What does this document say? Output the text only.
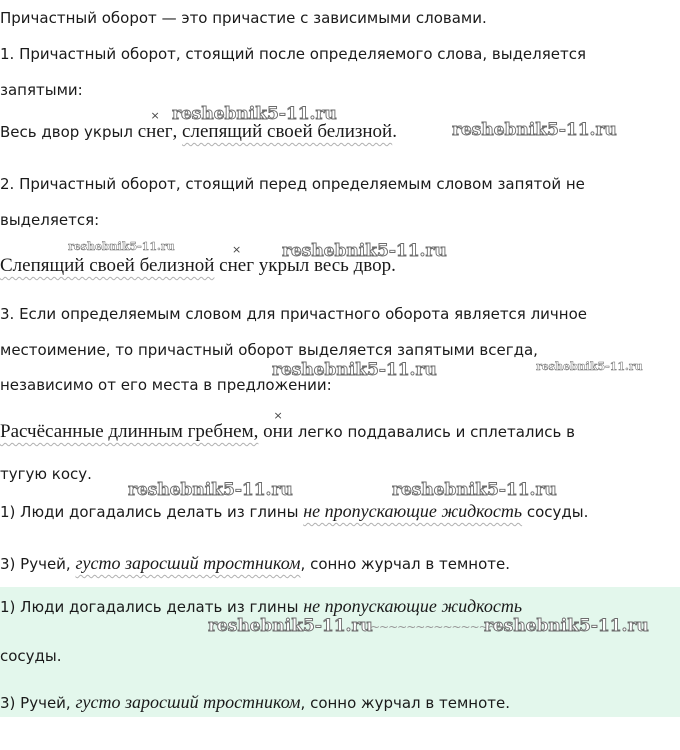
Причастный оборот — это причастие с зависимыми словами.
1. Причастный оборот, стоящий после определяемого слова, выделяется
запятыми:
Весь двор укрыл
×
снег, слепящий своей белизной.
2. Причастный оборот, стоящий перед определяемым словом запятой не
выделяется:
Слепящий своей белизной
×
снег укрыл весь двор.
3. Если определяемым словом для причастного оборота является личное
местоимение, то причастный оборот выделяется запятыми всегда,
независимо от его места в предложении:
Расчёсанные длинным гребнем,
×
они легко поддавались и сплетались в
тугую косу.
1) Люди догадались делать из глины не пропускающие жидкость сосуды.
3) Ручей, густо заросший тростником, сонно журчал в темноте.
1) Люди догадались делать из глины не пропускающие жидкость
~~~~~~~~~~~~~~~
сосуды.
3) Ручей, густо заросший тростником, сонно журчал в темноте.
reshebnik5-11.ru
reshebnik5-11.ru
reshebnik5-11.ru	reshebnik5-11.ru
reshebnik5-11.ru	reshebnik5-11.ru
reshebnik5-11.ru	reshebnik5-11.ru
reshebnik5-11.ru	reshebnik5-11.ru
